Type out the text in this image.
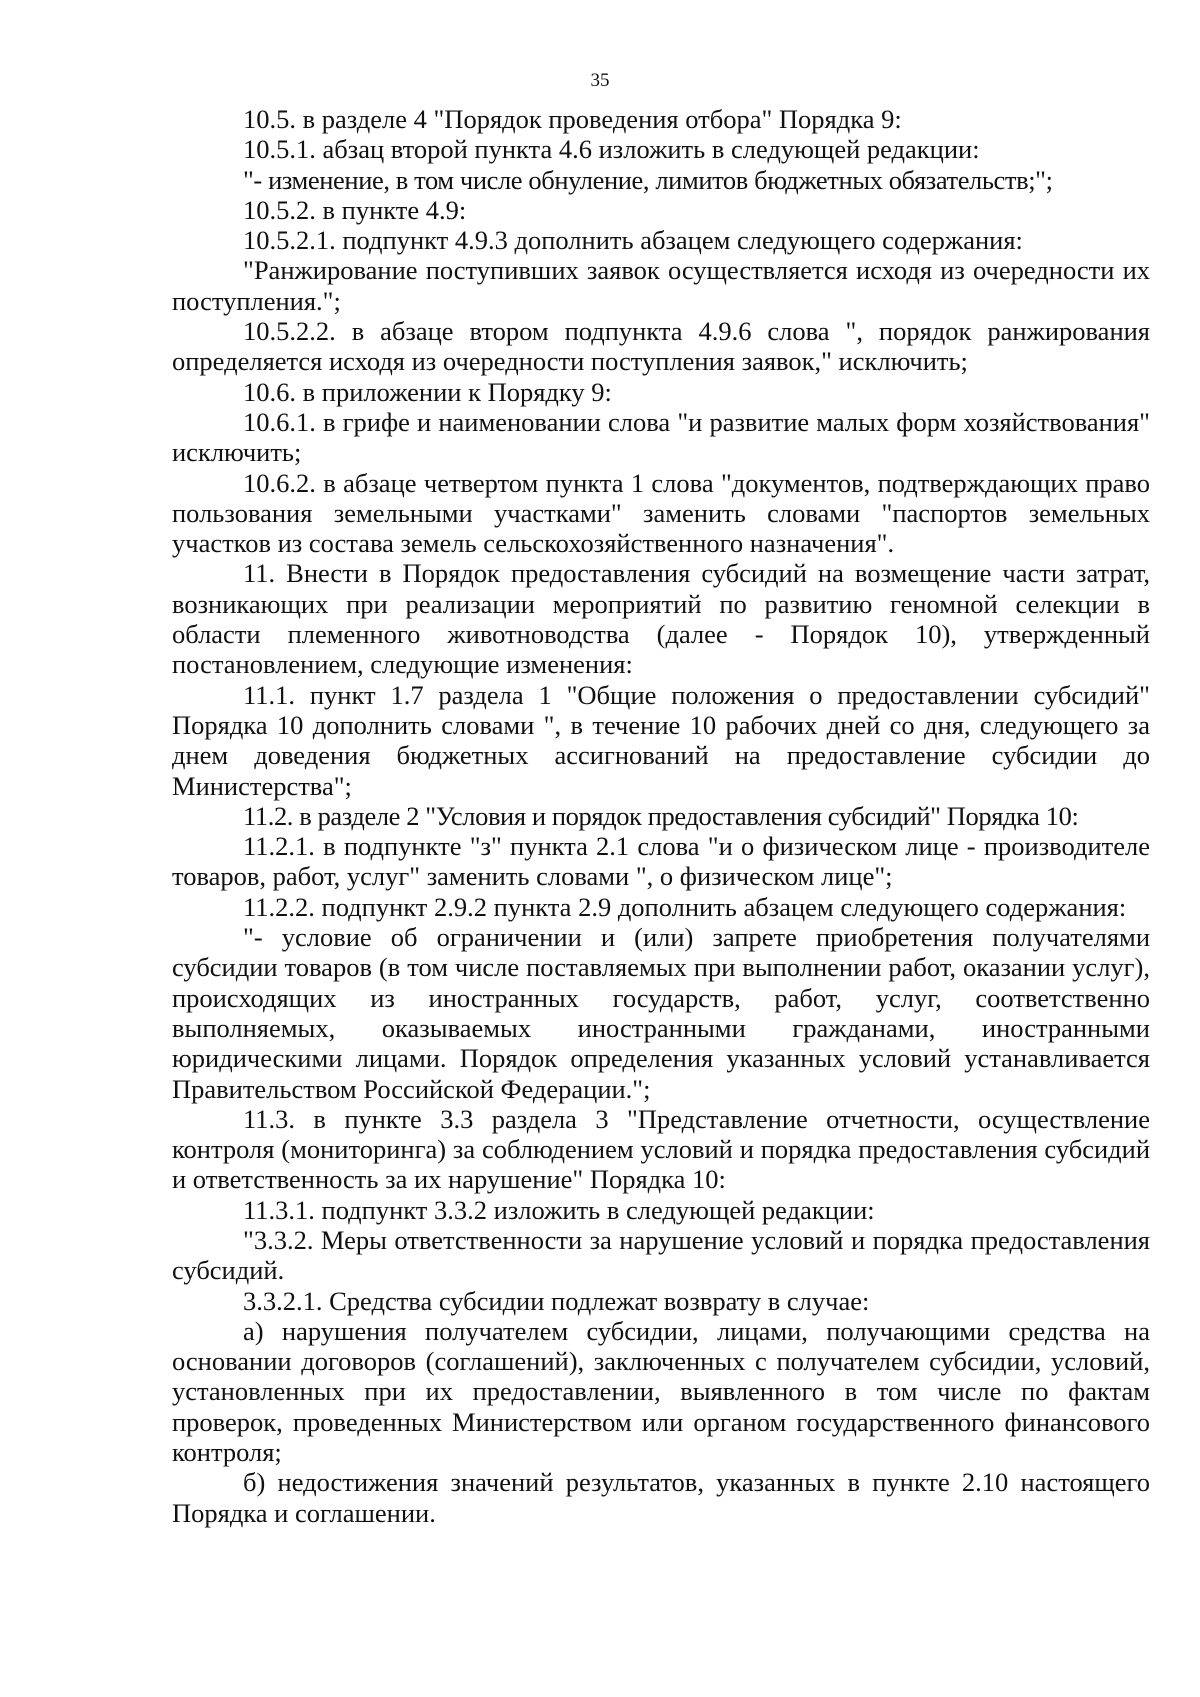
35

10.5. в разделе 4 "Порядок проведения отбора" Порядка 9:

10.5.1. абзац второй пункта 4.6 изложить в следующей редакции:

"- изменение, в том числе обнуление, лимитов бюджетных обязательств;";

10.5.2. в пункте 4.9:

10.5.2.1. подпункт 4.9.3 дополнить абзацем следующего содержания:

"Ранжирование поступивших заявок осуществляется исходя из очередности их поступления.";

10.5.2.2. в абзаце втором подпункта 4.9.6 слова ", порядок ранжирования определяется исходя из очередности поступления заявок," исключить;

10.6. в приложении к Порядку 9:

10.6.1. в грифе и наименовании слова "и развитие малых форм хозяйствования" исключить;

10.6.2. в абзаце четвертом пункта 1 слова "документов, подтверждающих право пользования земельными участками" заменить словами "паспортов земельных участков из состава земель сельскохозяйственного назначения".

11. Внести в Порядок предоставления субсидий на возмещение части затрат, возникающих при реализации мероприятий по развитию геномной селекции в области племенного животноводства (далее - Порядок 10), утвержденный постановлением, следующие изменения:

11.1. пункт 1.7 раздела 1 "Общие положения о предоставлении субсидий" Порядка 10 дополнить словами ", в течение 10 рабочих дней со дня, следующего за днем доведения бюджетных ассигнований на предоставление субсидии до Министерства";

11.2. в разделе 2 "Условия и порядок предоставления субсидий" Порядка 10:

11.2.1. в подпункте "з" пункта 2.1 слова "и о физическом лице - производителе товаров, работ, услуг" заменить словами ", о физическом лице";

11.2.2. подпункт 2.9.2 пункта 2.9 дополнить абзацем следующего содержания:

"- условие об ограничении и (или) запрете приобретения получателями субсидии товаров (в том числе поставляемых при выполнении работ, оказании услуг), происходящих из иностранных государств, работ, услуг, соответственно выполняемых, оказываемых иностранными гражданами, иностранными юридическими лицами. Порядок определения указанных условий устанавливается Правительством Российской Федерации.";

11.3. в пункте 3.3 раздела 3 "Представление отчетности, осуществление контроля (мониторинга) за соблюдением условий и порядка предоставления субсидий и ответственность за их нарушение" Порядка 10:

11.3.1. подпункт 3.3.2 изложить в следующей редакции:

"3.3.2. Меры ответственности за нарушение условий и порядка предоставления субсидий.

3.3.2.1. Средства субсидии подлежат возврату в случае:

а) нарушения получателем субсидии, лицами, получающими средства на основании договоров (соглашений), заключенных с получателем субсидии, условий, установленных при их предоставлении, выявленного в том числе по фактам проверок, проведенных Министерством или органом государственного финансового контроля;

б) недостижения значений результатов, указанных в пункте 2.10 настоящего Порядка и соглашении.
